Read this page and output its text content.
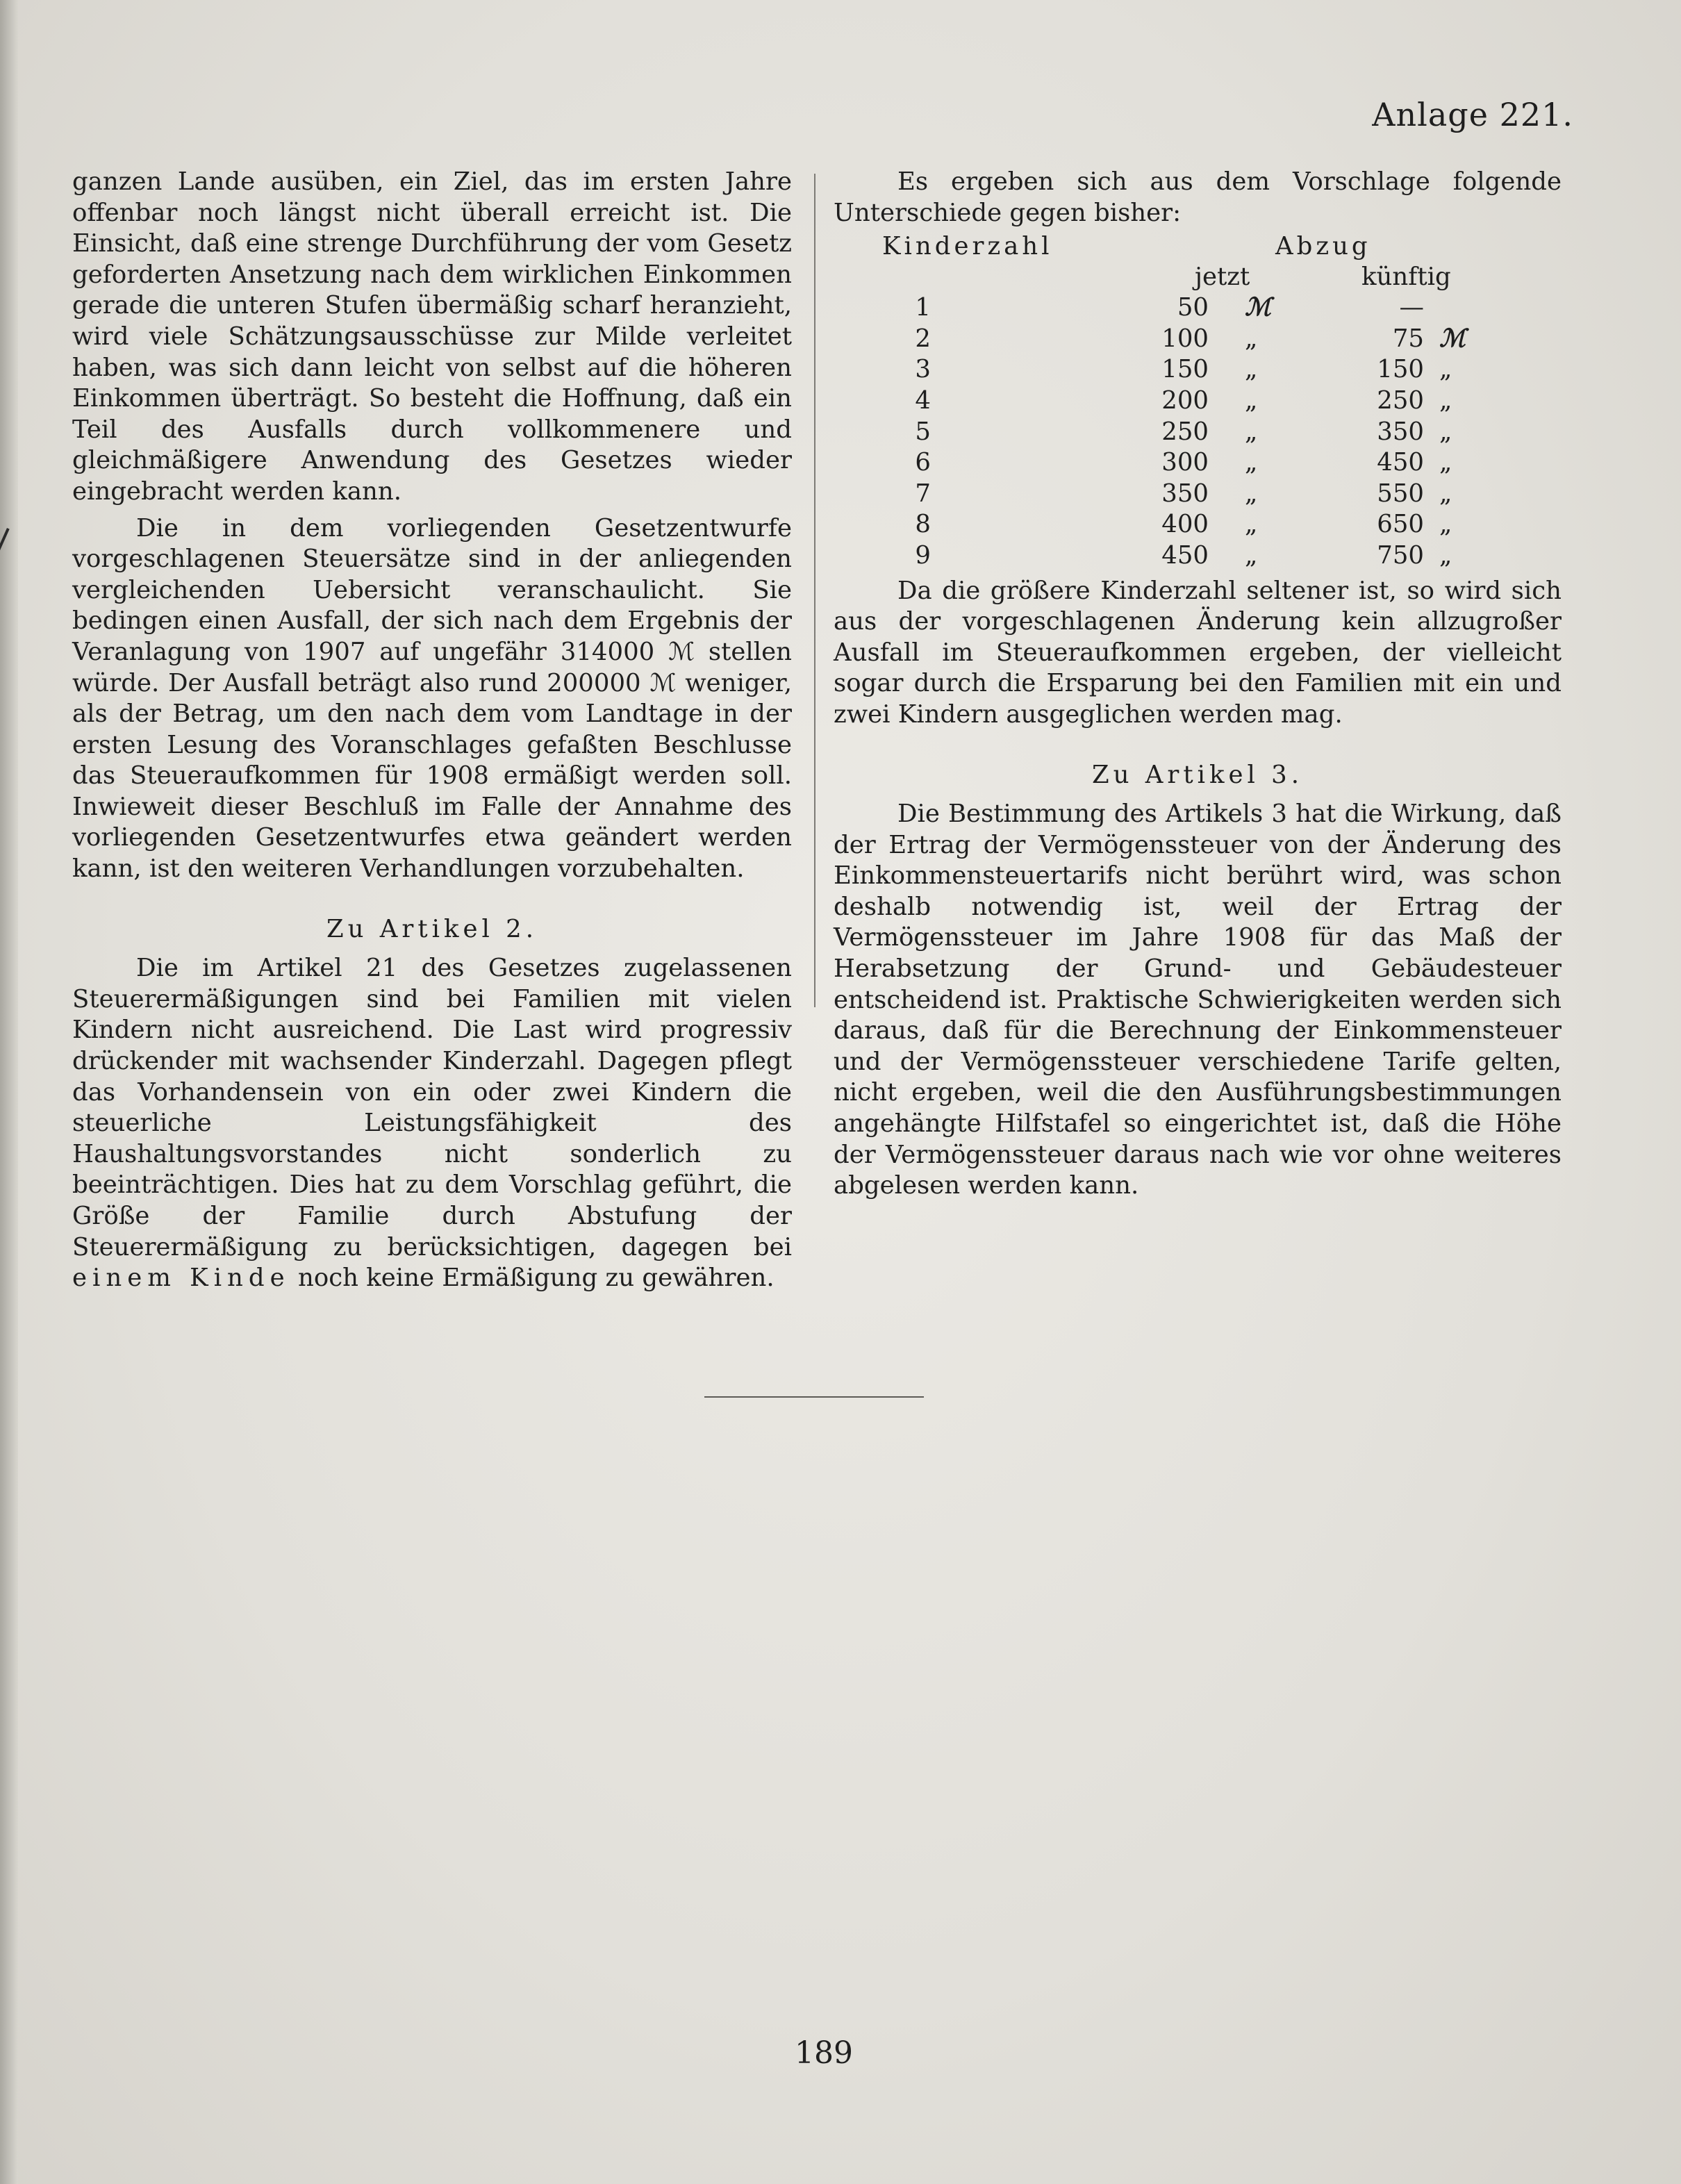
Anlage 221.

ganzen Lande ausüben, ein Ziel, das im ersten Jahre offenbar noch längst nicht überall erreicht ist. Die Einsicht, daß eine strenge Durchführung der vom Gesetz geforderten Ansetzung nach dem wirklichen Einkommen gerade die unteren Stufen übermäßig scharf heranzieht, wird viele Schätzungsausschüsse zur Milde verleitet haben, was sich dann leicht von selbst auf die höheren Einkommen überträgt. So besteht die Hoffnung, daß ein Teil des Ausfalls durch vollkommenere und gleichmäßigere Anwendung des Gesetzes wieder eingebracht werden kann.

Die in dem vorliegenden Gesetzentwurfe vorgeschlagenen Steuersätze sind in der anliegenden vergleichenden Uebersicht veranschaulicht. Sie bedingen einen Ausfall, der sich nach dem Ergebnis der Veranlagung von 1907 auf ungefähr 314000 ℳ stellen würde. Der Ausfall beträgt also rund 200000 ℳ weniger, als der Betrag, um den nach dem vom Landtage in der ersten Lesung des Voranschlages gefaßten Beschlusse das Steueraufkommen für 1908 ermäßigt werden soll. Inwieweit dieser Beschluß im Falle der Annahme des vorliegenden Gesetzentwurfes etwa geändert werden kann, ist den weiteren Verhandlungen vorzubehalten.

Zu Artikel 2.

Die im Artikel 21 des Gesetzes zugelassenen Steuerermäßigungen sind bei Familien mit vielen Kindern nicht ausreichend. Die Last wird progressiv drückender mit wachsender Kinderzahl. Dagegen pflegt das Vorhandensein von ein oder zwei Kindern die steuerliche Leistungsfähigkeit des Haushaltungsvorstandes nicht sonderlich zu beeinträchtigen. Dies hat zu dem Vorschlag geführt, die Größe der Familie durch Abstufung der Steuerermäßigung zu berücksichtigen, dagegen bei einem Kinde noch keine Ermäßigung zu gewähren.

Es ergeben sich aus dem Vorschlage folgende Unterschiede gegen bisher:

Kinderzahl	Abzug
jetzt	künftig
1	50 ℳ	—
2	100 „	75 ℳ
3	150 „	150 „
4	200 „	250 „
5	250 „	350 „
6	300 „	450 „
7	350 „	550 „
8	400 „	650 „
9	450 „	750 „

Da die größere Kinderzahl seltener ist, so wird sich aus der vorgeschlagenen Änderung kein allzugroßer Ausfall im Steueraufkommen ergeben, der vielleicht sogar durch die Ersparung bei den Familien mit ein und zwei Kindern ausgeglichen werden mag.

Zu Artikel 3.

Die Bestimmung des Artikels 3 hat die Wirkung, daß der Ertrag der Vermögenssteuer von der Änderung des Einkommensteuertarifs nicht berührt wird, was schon deshalb notwendig ist, weil der Ertrag der Vermögenssteuer im Jahre 1908 für das Maß der Herabsetzung der Grund- und Gebäudesteuer entscheidend ist. Praktische Schwierigkeiten werden sich daraus, daß für die Berechnung der Einkommensteuer und der Vermögenssteuer verschiedene Tarife gelten, nicht ergeben, weil die den Ausführungsbestimmungen angehängte Hilfstafel so eingerichtet ist, daß die Höhe der Vermögenssteuer daraus nach wie vor ohne weiteres abgelesen werden kann.

189
